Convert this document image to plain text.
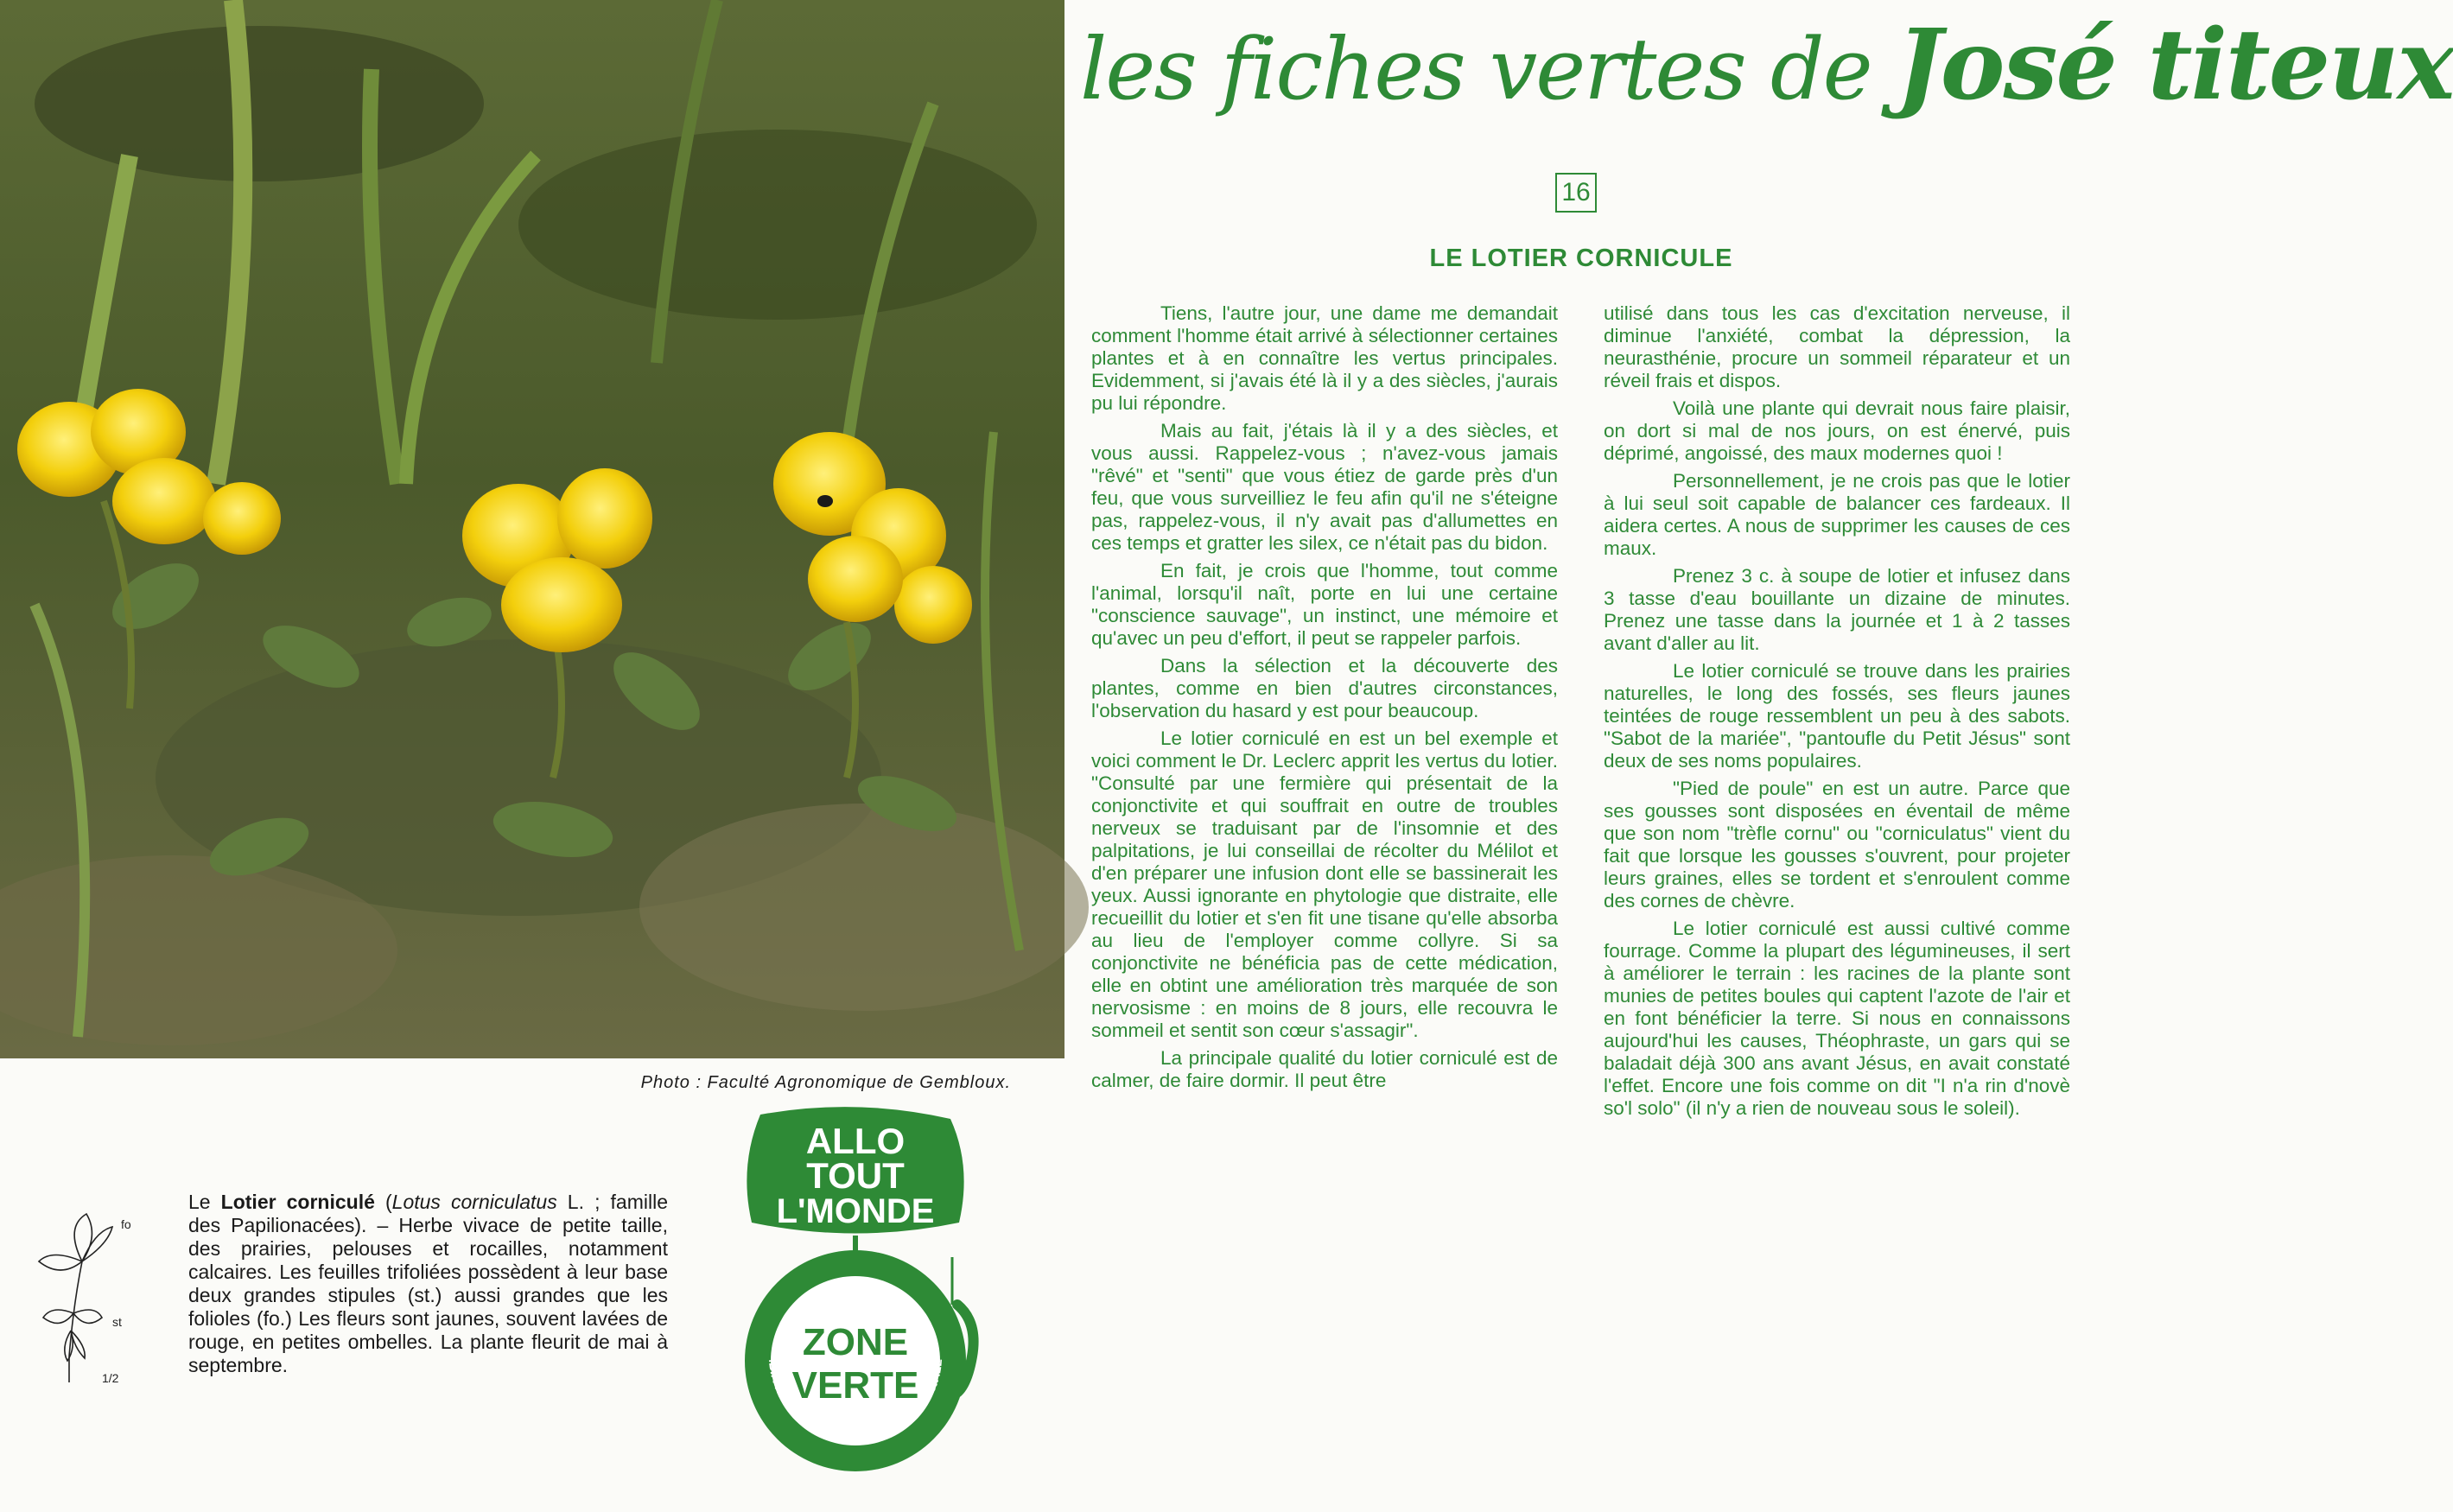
Photo : Faculté Agronomique de Gembloux.
les fiches vertes de José titeux
16
LE LOTIER CORNICULE

Tiens, l'autre jour, une dame me demandait comment l'homme était arrivé à sélectionner certaines plantes et à en connaître les vertus principales. Evidemment, si j'avais été là il y a des siècles, j'aurais pu lui répondre.

Mais au fait, j'étais là il y a des siècles, et vous aussi. Rappelez-vous ; n'avez-vous jamais "rêvé" et "senti" que vous étiez de garde près d'un feu, que vous surveilliez le feu afin qu'il ne s'éteigne pas, rappelez-vous, il n'y avait pas d'allumettes en ces temps et gratter les silex, ce n'était pas du bidon.

En fait, je crois que l'homme, tout comme l'animal, lorsqu'il naît, porte en lui une certaine "conscience sauvage", un instinct, une mémoire et qu'avec un peu d'effort, il peut se rappeler parfois.

Dans la sélection et la découverte des plantes, comme en bien d'autres circonstances, l'observation du hasard y est pour beaucoup.

Le lotier corniculé en est un bel exemple et voici comment le Dr. Leclerc apprit les vertus du lotier. "Consulté par une fermière qui présentait de la conjonctivite et qui souffrait en outre de troubles nerveux se traduisant par de l'insomnie et des palpitations, je lui conseillai de récolter du Mélilot et d'en préparer une infusion dont elle se bassinerait les yeux. Aussi ignorante en phytologie que distraite, elle recueillit du lotier et s'en fit une tisane qu'elle absorba au lieu de l'employer comme collyre. Si sa conjonctivite ne bénéficia pas de cette médication, elle en obtint une amélioration très marquée de son nervosisme : en moins de 8 jours, elle recouvra le sommeil et sentit son cœur s'assagir".

La principale qualité du lotier corniculé est de calmer, de faire dormir. Il peut être

utilisé dans tous les cas d'excitation nerveuse, il diminue l'anxiété, combat la dépression, la neurasthénie, procure un sommeil réparateur et un réveil frais et dispos.

Voilà une plante qui devrait nous faire plaisir, on dort si mal de nos jours, on est énervé, puis déprimé, angoissé, des maux modernes quoi !

Personnellement, je ne crois pas que le lotier à lui seul soit capable de balancer ces fardeaux. Il aidera certes. A nous de supprimer les causes de ces maux.

Prenez 3 c. à soupe de lotier et infusez dans 3 tasse d'eau bouillante un dizaine de minutes. Prenez une tasse dans la journée et 1 à 2 tasses avant d'aller au lit.

Le lotier corniculé se trouve dans les prairies naturelles, le long des fossés, ses fleurs jaunes teintées de rouge ressemblent un peu à des sabots. "Sabot de la mariée", "pantoufle du Petit Jésus" sont deux de ses noms populaires.

"Pied de poule" en est un autre. Parce que ses gousses sont disposées en éventail de même que son nom "trèfle cornu" ou "corniculatus" vient du fait que lorsque les gousses s'ouvrent, pour projeter leurs graines, elles se tordent et s'enroulent comme des cornes de chèvre.

Le lotier corniculé est aussi cultivé comme fourrage. Comme la plupart des légumineuses, il sert à améliorer le terrain : les racines de la plante sont munies de petites boules qui captent l'azote de l'air et en font bénéficier la terre. Si nous en connaissons aujourd'hui les causes, Théophraste, un gars qui se baladait déjà 300 ans avant Jésus, en avait constaté l'effet. Encore une fois comme on dit "I n'a rin d'novè so'l solo" (il n'y a rien de nouveau sous le soleil).

fo
st
1/2
Le Lotier corniculé (Lotus corniculatus L. ; famille des Papilionacées). – Herbe vivace de petite taille, des prairies, pelouses et rocailles, notamment calcaires. Les feuilles trifoliées possèdent à leur base deux grandes stipules (st.) aussi grandes que les folioles (fo.) Les fleurs sont jaunes, souvent lavées de rouge, en petites ombelles. La plante fleurit de mai à septembre.
ALLO
TOUT
L'MONDE
.B.F. NAMUR LUXEMBOURG BRABANT WALL
ZONE
VERTE
